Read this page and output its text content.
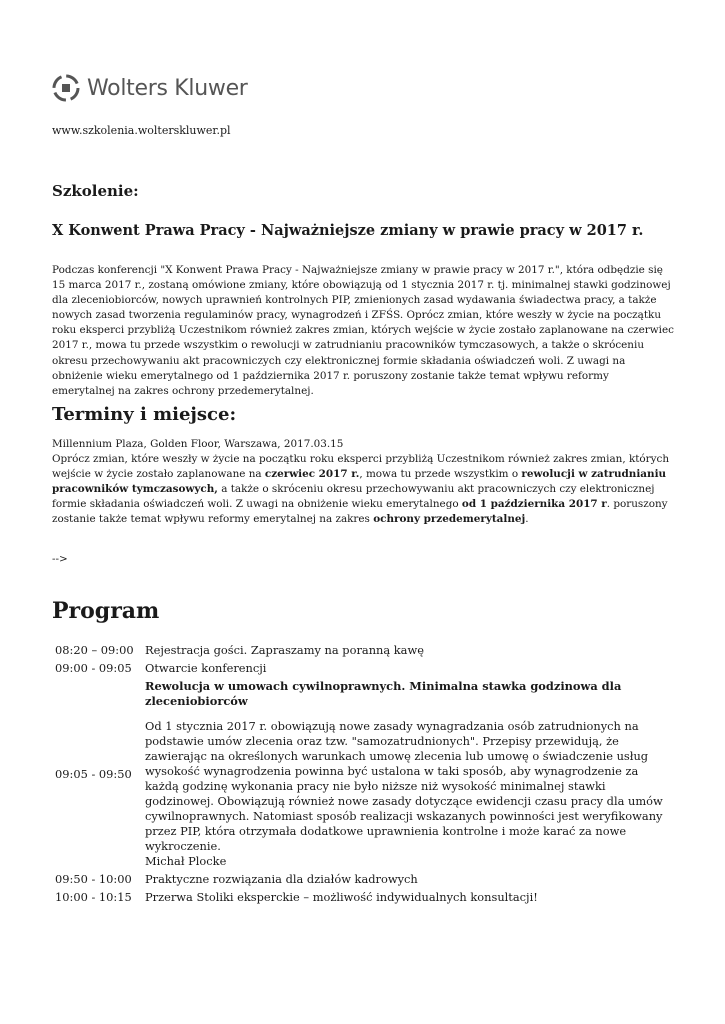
Wolters Kluwer
www.szkolenia.wolterskluwer.pl
Szkolenie:
X Konwent Prawa Pracy - Najważniejsze zmiany w prawie pracy w 2017 r.

Podczas konferencji "X Konwent Prawa Pracy - Najważniejsze zmiany w prawie pracy w 2017 r.", która odbędzie się 15 marca 2017 r., zostaną omówione zmiany, które obowiązują od 1 stycznia 2017 r. tj. minimalnej stawki godzinowej dla zleceniobiorców, nowych uprawnień kontrolnych PIP, zmienionych zasad wydawania świadectwa pracy, a także nowych zasad tworzenia regulaminów pracy, wynagrodzeń i ZFŚS. Oprócz zmian, które weszły w życie na początku roku eksperci przybliżą Uczestnikom również zakres zmian, których wejście w życie zostało zaplanowane na czerwiec 2017 r., mowa tu przede wszystkim o rewolucji w zatrudnianiu pracowników tymczasowych, a także o skróceniu okresu przechowywaniu akt pracowniczych czy elektronicznej formie składania oświadczeń woli. Z uwagi na obniżenie wieku emerytalnego od 1 października 2017 r. poruszony zostanie także temat wpływu reformy emerytalnej na zakres ochrony przedemerytalnej.

Terminy i miejsce:
Millennium Plaza, Golden Floor, Warszawa, 2017.03.15
Oprócz zmian, które weszły w życie na początku roku eksperci przybliżą Uczestnikom również zakres zmian, których wejście w życie zostało zaplanowane na czerwiec 2017 r., mowa tu przede wszystkim o rewolucji w zatrudnianiu pracowników tymczasowych, a także o skróceniu okresu przechowywaniu akt pracowniczych czy elektronicznej formie składania oświadczeń woli. Z uwagi na obniżenie wieku emerytalnego od 1 października 2017 r. poruszony zostanie także temat wpływu reformy emerytalnej na zakres ochrony przedemerytalnej.
-->
Program
08:20 – 09:00	Rejestracja gości. Zapraszamy na poranną kawę
09:00 - 09:05	Otwarcie konferencji
09:05 - 09:50	Rewolucja w umowach cywilnoprawnych. Minimalna stawka godzinowa dla zleceniobiorców
Od 1 stycznia 2017 r. obowiązują nowe zasady wynagradzania osób zatrudnionych na podstawie umów zlecenia oraz tzw. "samozatrudnionych". Przepisy przewidują, że zawierając na określonych warunkach umowę zlecenia lub umowę o świadczenie usług wysokość wynagrodzenia powinna być ustalona w taki sposób, aby wynagrodzenie za każdą godzinę wykonania pracy nie było niższe niż wysokość minimalnej stawki godzinowej. Obowiązują również nowe zasady dotyczące ewidencji czasu pracy dla umów cywilnoprawnych. Natomiast sposób realizacji wskazanych powinności jest weryfikowany przez PIP, która otrzymała dodatkowe uprawnienia kontrolne i może karać za nowe wykroczenie.
Michał Plocke

09:50 - 10:00	Praktyczne rozwiązania dla działów kadrowych
10:00 - 10:15	Przerwa Stoliki eksperckie – możliwość indywidualnych konsultacji!
